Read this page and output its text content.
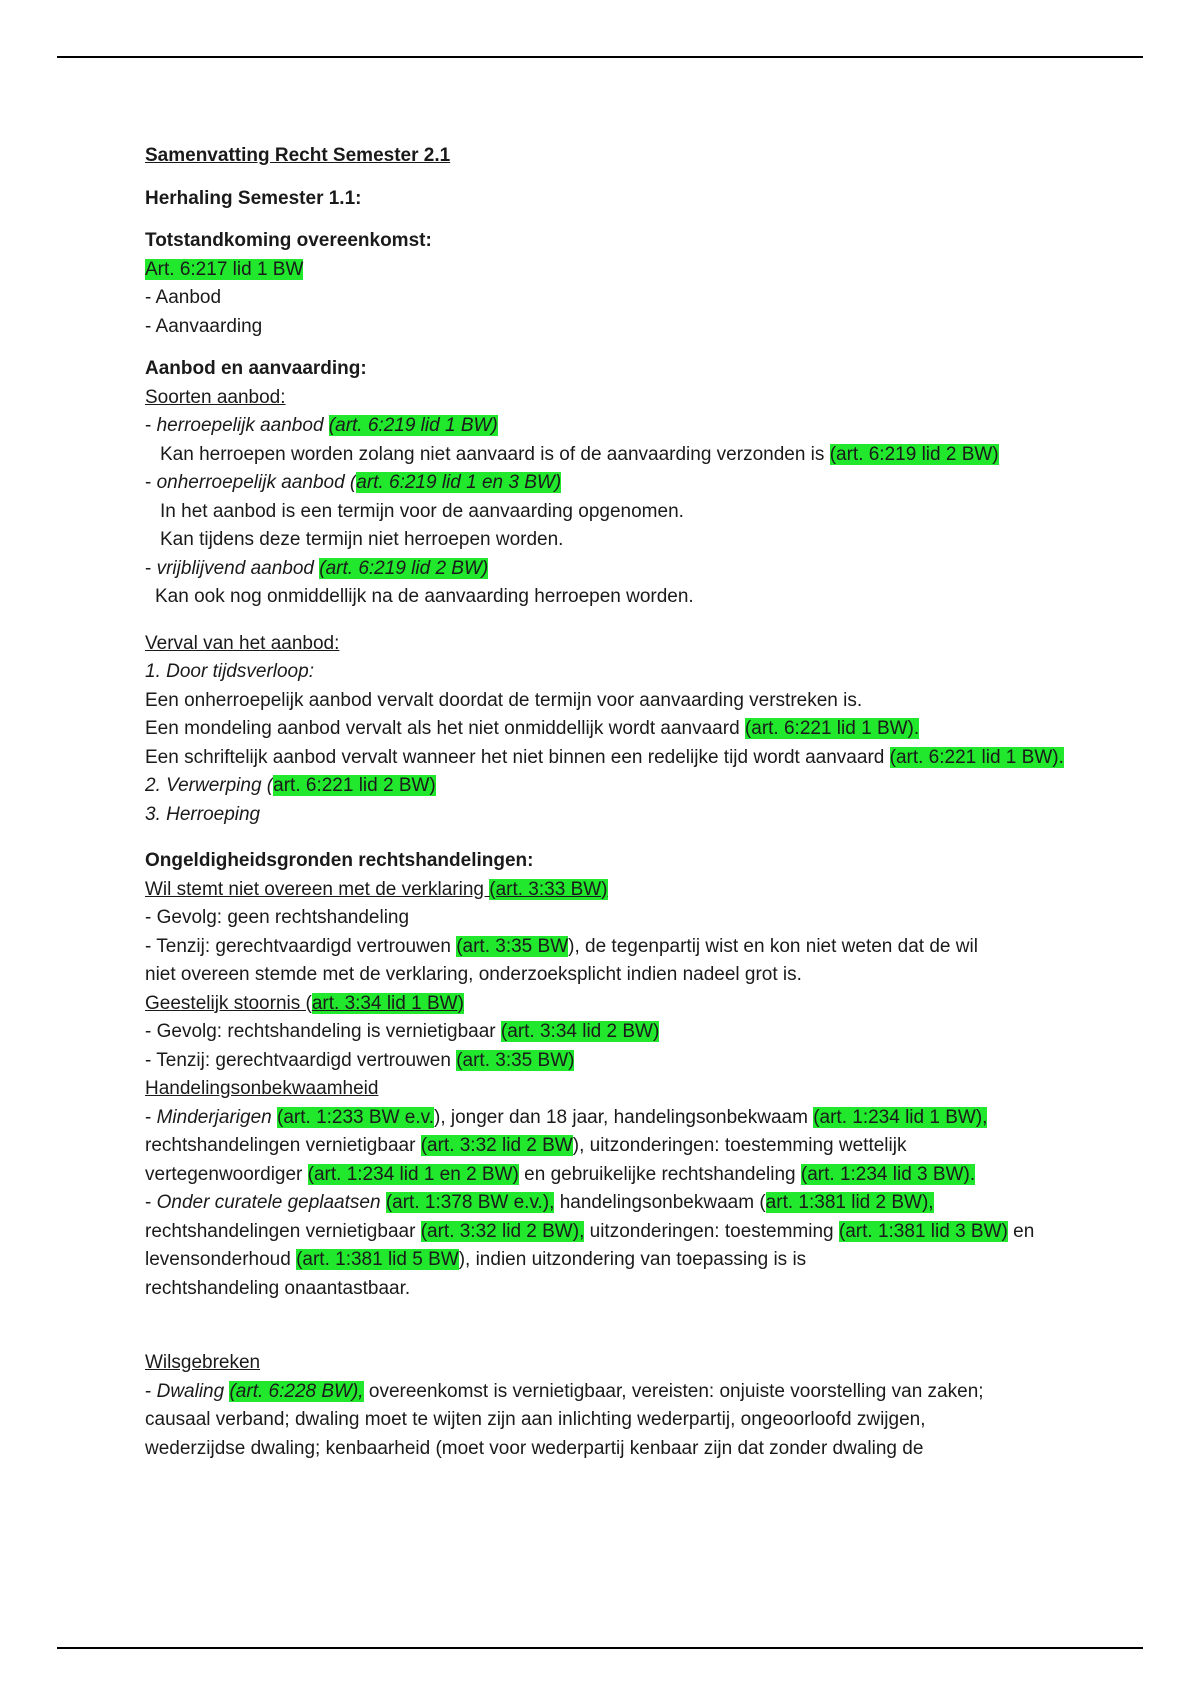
Samenvatting Recht Semester 2.1
Herhaling Semester 1.1:
Totstandkoming overeenkomst:
Art. 6:217 lid 1 BW
- Aanbod
- Aanvaarding
Aanbod en aanvaarding:
Soorten aanbod:
- herroepelijk aanbod (art. 6:219 lid 1 BW)
Kan herroepen worden zolang niet aanvaard is of de aanvaarding verzonden is (art. 6:219 lid 2 BW)
- onherroepelijk aanbod (art. 6:219 lid 1 en 3 BW)
In het aanbod is een termijn voor de aanvaarding opgenomen.
Kan tijdens deze termijn niet herroepen worden.
- vrijblijvend aanbod (art. 6:219 lid 2 BW)
Kan ook nog onmiddellijk na de aanvaarding herroepen worden.
Verval van het aanbod:
1. Door tijdsverloop:
Een onherroepelijk aanbod vervalt doordat de termijn voor aanvaarding verstreken is.
Een mondeling aanbod vervalt als het niet onmiddellijk wordt aanvaard (art. 6:221 lid 1 BW).
Een schriftelijk aanbod vervalt wanneer het niet binnen een redelijke tijd wordt aanvaard (art. 6:221 lid 1 BW).
2. Verwerping (art. 6:221 lid 2 BW)
3. Herroeping
Ongeldigheidsgronden rechtshandelingen:
Wil stemt niet overeen met de verklaring (art. 3:33 BW)
- Gevolg: geen rechtshandeling
- Tenzij: gerechtvaardigd vertrouwen (art. 3:35 BW), de tegenpartij wist en kon niet weten dat de wil
niet overeen stemde met de verklaring, onderzoeksplicht indien nadeel grot is.
Geestelijk stoornis (art. 3:34 lid 1 BW)
- Gevolg: rechtshandeling is vernietigbaar (art. 3:34 lid 2 BW)
- Tenzij: gerechtvaardigd vertrouwen (art. 3:35 BW)
Handelingsonbekwaamheid
- Minderjarigen (art. 1:233 BW e.v.), jonger dan 18 jaar, handelingsonbekwaam (art. 1:234 lid 1 BW),
rechtshandelingen vernietigbaar (art. 3:32 lid 2 BW), uitzonderingen: toestemming wettelijk
vertegenwoordiger (art. 1:234 lid 1 en 2 BW) en gebruikelijke rechtshandeling (art. 1:234 lid 3 BW).
- Onder curatele geplaatsen (art. 1:378 BW e.v.), handelingsonbekwaam (art. 1:381 lid 2 BW),
rechtshandelingen vernietigbaar (art. 3:32 lid 2 BW), uitzonderingen: toestemming (art. 1:381 lid 3 BW) en levensonderhoud (art. 1:381 lid 5 BW), indien uitzondering van toepassing is is
rechtshandeling onaantastbaar.
Wilsgebreken
- Dwaling (art. 6:228 BW), overeenkomst is vernietigbaar, vereisten: onjuiste voorstelling van zaken;
causaal verband; dwaling moet te wijten zijn aan inlichting wederpartij, ongeoorloofd zwijgen,
wederzijdse dwaling; kenbaarheid (moet voor wederpartij kenbaar zijn dat zonder dwaling de
